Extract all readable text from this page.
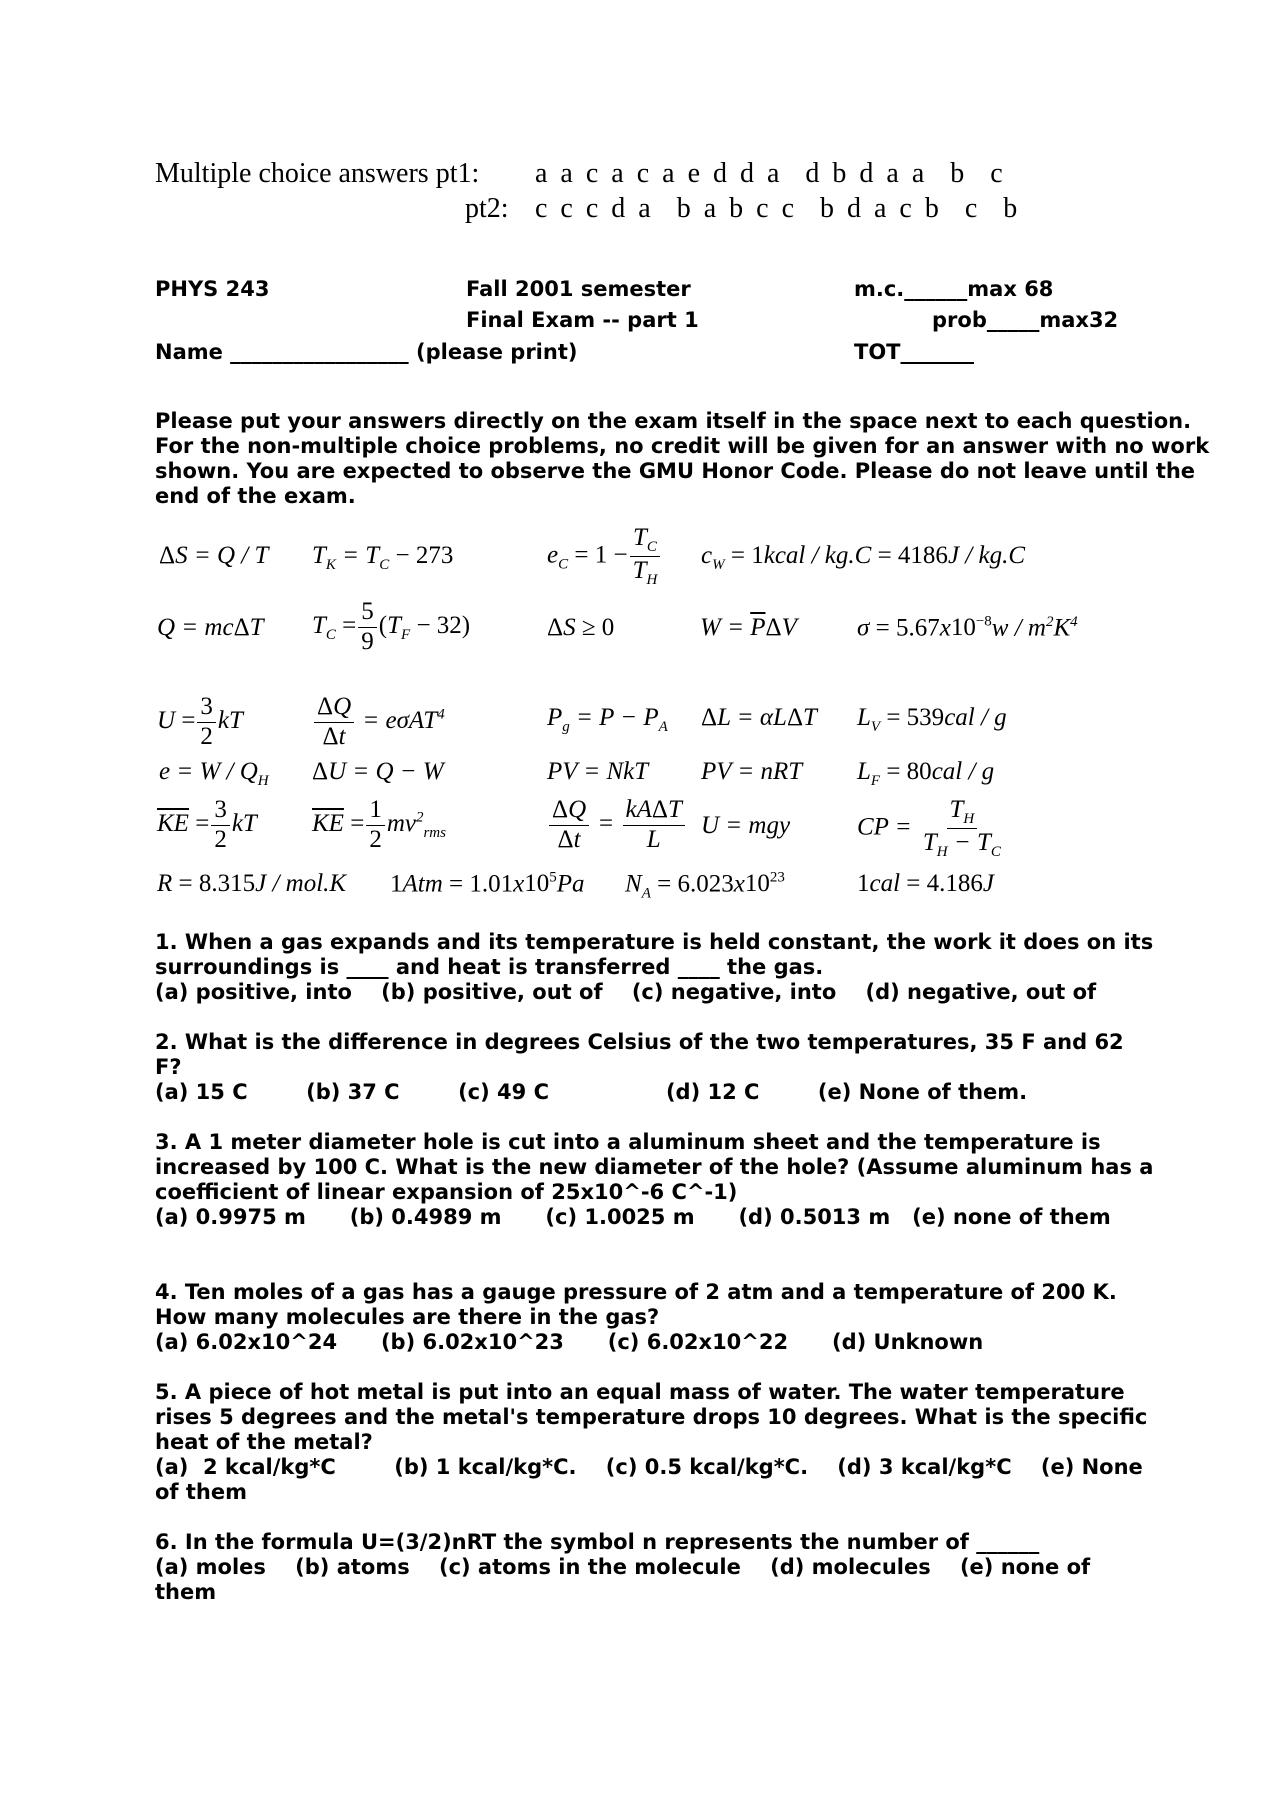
Multiple choice answers pt1: a a c a c a e d d a  d b d a a  b  c
pt2: c c c d a  b a b c c  b d a c b  c  b
PHYS 243	Fall 2001 semester	m.c.______max 68
Final Exam -- part 1	prob_____max32
Name _________________ (please print)	TOT_______
Please put your answers directly on the exam itself in the space next to each question. For the non-multiple choice problems, no credit will be given for an answer with no work shown. You are expected to observe the GMU Honor Code. Please do not leave until the end of the exam.
ΔS = Q / T $T_K = T_C - 273$	$e_C = 1 - \frac{T_C}{T_H} c_W$ = 1kcal / kg.C = 4186J / kg.C
Q = mcΔT $T_C = \frac{5}{9} (T_F - 32)$	ΔS ≥ 0	$W = \overline{P}\Delta V$ $\sigma = 5.67x10^{-8}w / m^2K^4$
$U = \frac{3}{2}$ kT	$\frac{\Delta Q}{\Delta t} = e\sigma AT^4$	$P_g = P - P_A$ ΔL = αLΔT $L_V = 539cal / g$
$e = W / Q_H$ ΔU = Q − W	PV = NkT PV = nRT $L_F = 80cal / g$
$\overline{KE} = \frac{3}{2}$ kT $\overline{KE} = \frac{1}{2} mv^2_{rms}$	$\frac{\Delta Q}{\Delta t} = \frac{\text{kAΔT}}{L}$ U = mgy	CP = $\frac{T_H}{T_H - T_C}$
R = 8.315J / mol.K $1Atm = 1.01x10^5Pa$ $N_A = 6.023x10^{23}$	1cal = 4.186J
1. When a gas expands and its temperature is held constant, the work it does on its surroundings is ____ and heat is transferred ____ the gas.
(a) positive, into    (b) positive, out of    (c) negative, into    (d) negative, out of
2. What is the difference in degrees Celsius of the two temperatures, 35 F and 62 F?
(a) 15 C        (b) 37 C        (c) 49 C                (d) 12 C        (e) None of them.
3. A 1 meter diameter hole is cut into a aluminum sheet and the temperature is increased by 100 C. What is the new diameter of the hole? (Assume aluminum has a coefficient of linear expansion of 25x10^-6 C^-1)
(a) 0.9975 m      (b) 0.4989 m      (c) 1.0025 m      (d) 0.5013 m   (e) none of them
4. Ten moles of a gas has a gauge pressure of 2 atm and a temperature of 200 K. How many molecules are there in the gas?
(a) 6.02x10^24      (b) 6.02x10^23      (c) 6.02x10^22      (d) Unknown
5. A piece of hot metal is put into an equal mass of water. The water temperature rises 5 degrees and the metal's temperature drops 10 degrees. What is the specific heat of the metal?
(a)  2 kcal/kg*C        (b) 1 kcal/kg*C.    (c) 0.5 kcal/kg*C.    (d) 3 kcal/kg*C    (e) None of them
6. In the formula U=(3/2)nRT the symbol n represents the number of ______
(a) moles    (b) atoms    (c) atoms in the molecule    (d) molecules    (e) none of them
